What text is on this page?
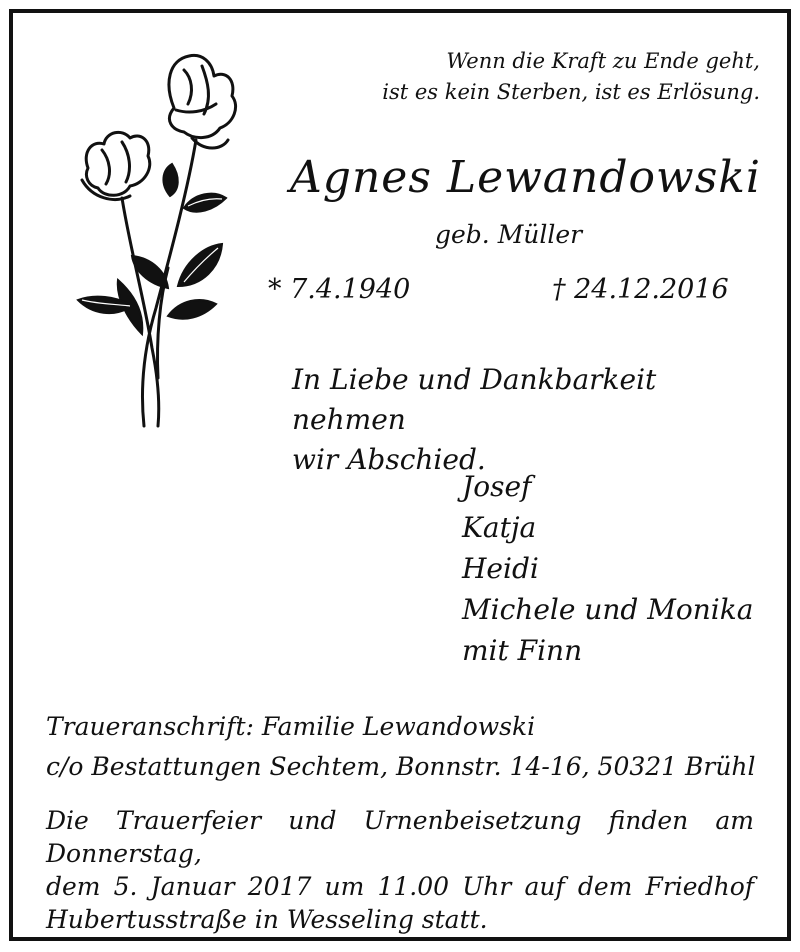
Wenn die Kraft zu Ende geht,
ist es kein Sterben, ist es Erlösung.
Agnes Lewandowski
geb. Müller
* 7.4.1940	† 24.12.2016
In Liebe und Dankbarkeit nehmen
wir Abschied.
Josef
Katja
Heidi
Michele und Monika
mit Finn
Traueranschrift: Familie Lewandowski
c/o Bestattungen Sechtem, Bonnstr. 14-16, 50321 Brühl
Die Trauerfeier und Urnenbeisetzung finden am Donnerstag,
dem 5. Januar 2017 um 11.00 Uhr auf dem Friedhof
Hubertusstraße in Wesseling statt.
